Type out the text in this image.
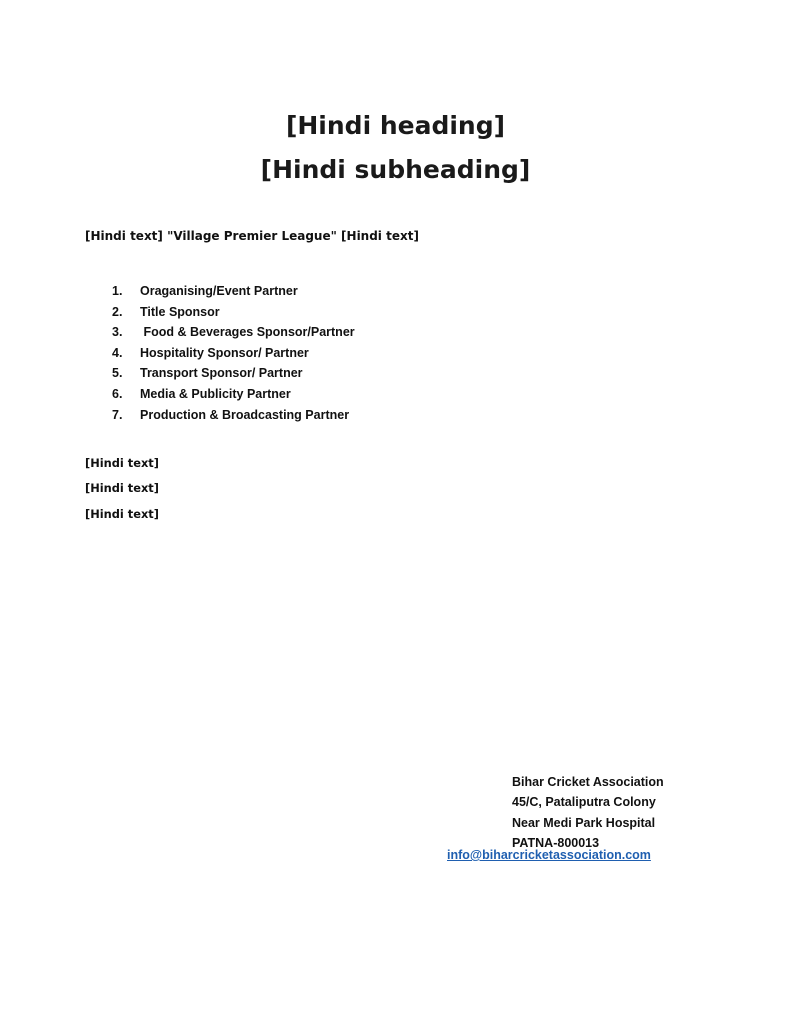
[Hindi heading]
[Hindi subheading]
[Hindi text] "Village Premier League" [Hindi text]
1. Oraganising/Event Partner
2. Title Sponsor
3. Food & Beverages Sponsor/Partner
4. Hospitality Sponsor/ Partner
5. Transport Sponsor/ Partner
6. Media & Publicity Partner
7. Production & Broadcasting Partner

[Hindi text]

[Hindi text]

[Hindi text]

Bihar Cricket Association
45/C, Pataliputra Colony
Near Medi Park Hospital
PATNA-800013
info@biharcricketassociation.com
